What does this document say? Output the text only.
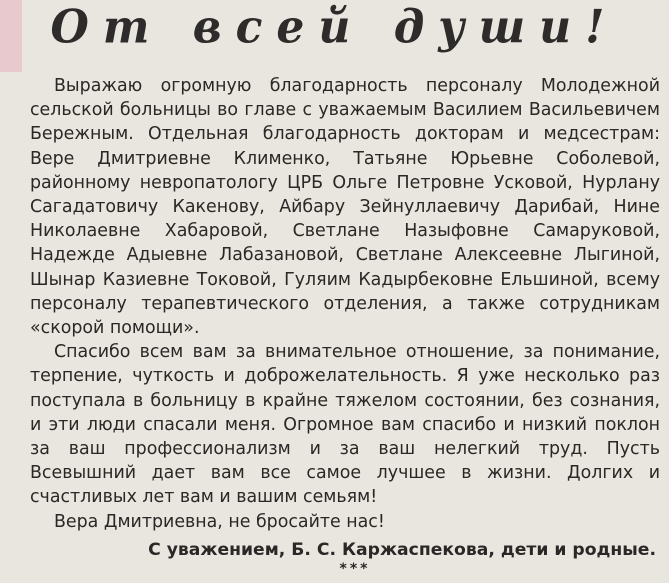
От всей души!

Выражаю огромную благодарность персоналу Молодежной сельской больницы во главе с уважаемым Василием Васильевичем Бережным. Отдельная благодарность докторам и медсестрам: Вере Дмитриевне Клименко, Татьяне Юрьевне Соболевой, районному невропатологу ЦРБ Ольге Петровне Усковой, Нурлану Сагадатовичу Какенову, Айбару Зейнуллаевичу Дарибай, Нине Николаевне Хабаровой, Светлане Назыфовне Самаруковой, Надежде Адыевне Лабазановой, Светлане Алексеевне Лыгиной, Шынар Казиевне Токовой, Гуляим Кадырбековне Ельшиной, всему персоналу терапевтического отделения, а также сотрудникам «скорой помощи».

Спасибо всем вам за внимательное отношение, за понимание, терпение, чуткость и доброжелательность. Я уже несколько раз поступала в больницу в крайне тяжелом состоянии, без сознания, и эти люди спасали меня. Огромное вам спасибо и низкий поклон за ваш профессионализм и за ваш нелегкий труд. Пусть Всевышний дает вам все самое лучшее в жизни. Долгих и счастливых лет вам и вашим семьям!

Вера Дмитриевна, не бросайте нас!

С уважением, Б. С. Каржаспекова, дети и родные.

***
